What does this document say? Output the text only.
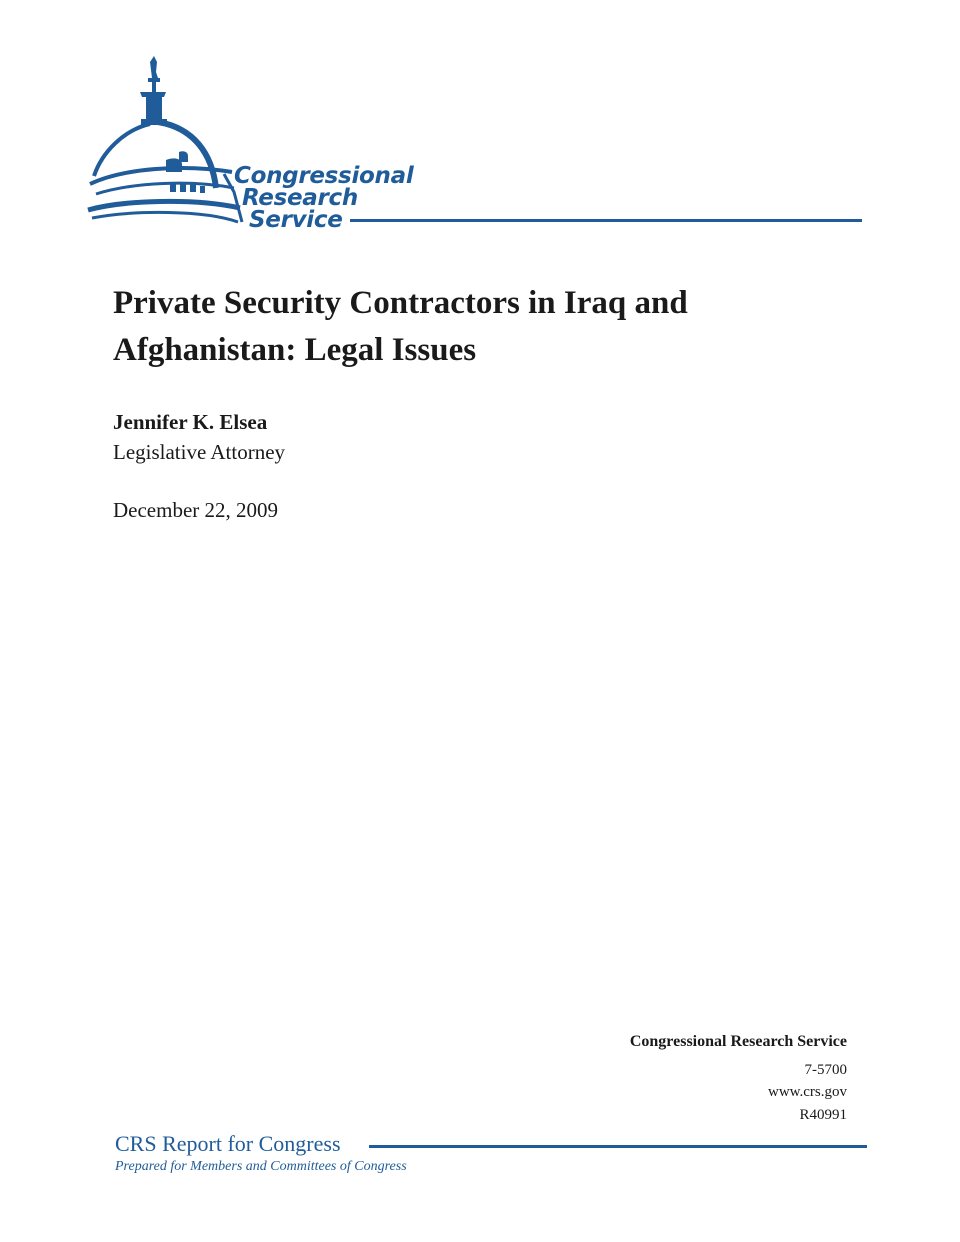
Congressional
Research
Service
Private Security Contractors in Iraq and Afghanistan: Legal Issues
Jennifer K. Elsea
Legislative Attorney
December 22, 2009
Congressional Research Service
7-5700
www.crs.gov
R40991
CRS Report for Congress
Prepared for Members and Committees of Congress
